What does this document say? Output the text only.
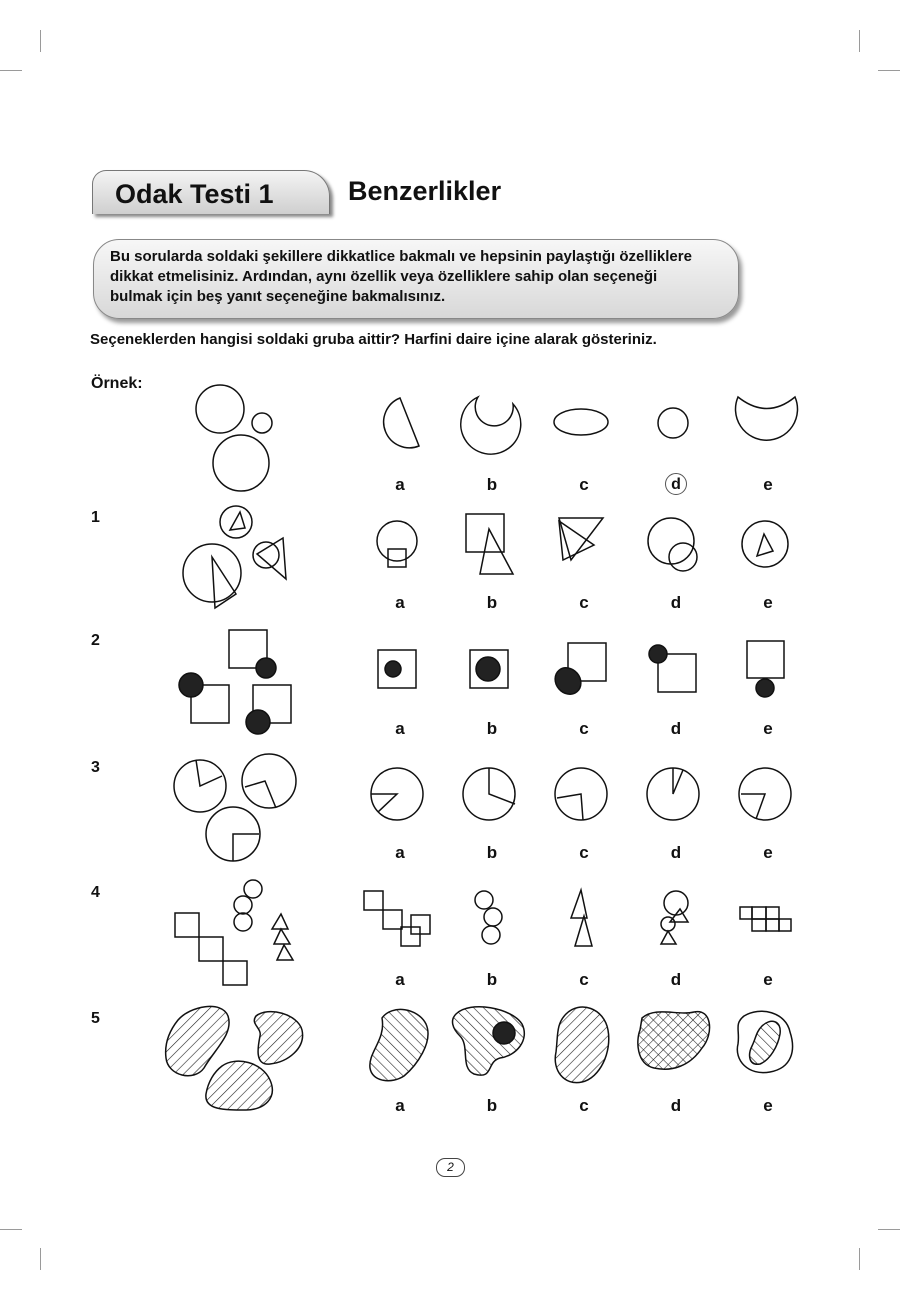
Odak Testi 1	Benzerlikler
Bu sorularda soldaki şekillere dikkatlice bakmalı ve hepsinin paylaştığı özelliklere
dikkat etmelisiniz. Ardından, aynı özellik veya özelliklere sahip olan seçeneği
bulmak için beş yanıt seçeneğine bakmalısınız.
Seçeneklerden hangisi soldaki gruba aittir? Harfini daire içine alarak gösteriniz.
Örnek:
1
2
3
4
5
a	b	c	d	e
a	b	c	d	e
a	b	c	d	e
a	b	c	d	e
a	b	c	d	e
a	b	c	d	e
2
